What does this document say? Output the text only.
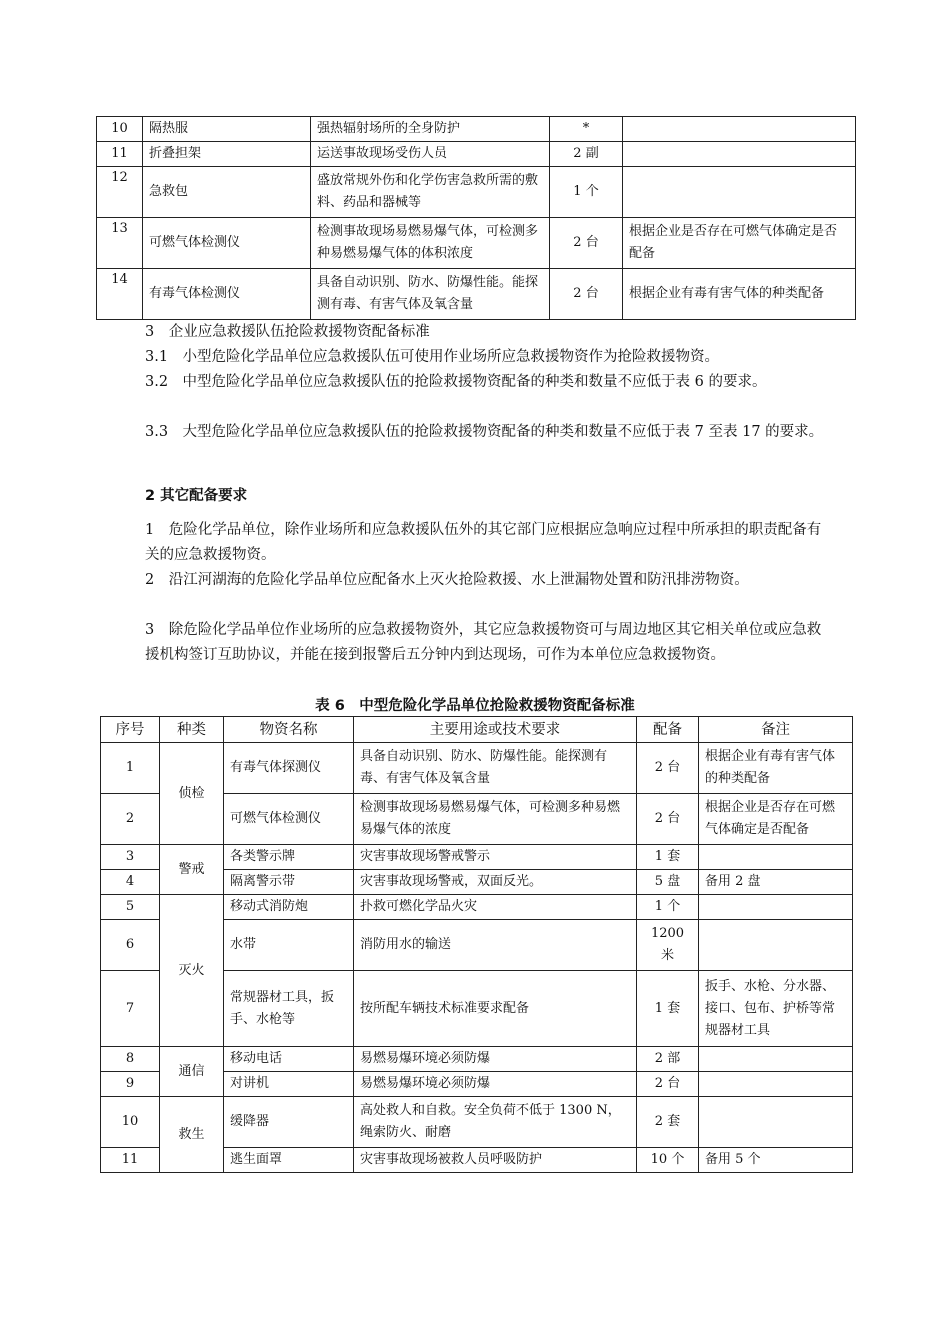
10	隔热服	强热辐射场所的全身防护	*	
11	折叠担架	运送事故现场受伤人员	2 副	
12	急救包	盛放常规外伤和化学伤害急救所需的敷料、药品和器械等	1 个	
13	可燃气体检测仪	检测事故现场易燃易爆气体，可检测多种易燃易爆气体的体积浓度	2 台	根据企业是否存在可燃气体确定是否配备
14	有毒气体检测仪	具备自动识别、防水、防爆性能。能探测有毒、有害气体及氧含量	2 台	根据企业有毒有害气体的种类配备
3　企业应急救援队伍抢险救援物资配备标准
3.1　小型危险化学品单位应急救援队伍可使用作业场所应急救援物资作为抢险救援物资。
3.2　中型危险化学品单位应急救援队伍的抢险救援物资配备的种类和数量不应低于表 6 的要求。
3.3　大型危险化学品单位应急救援队伍的抢险救援物资配备的种类和数量不应低于表 7 至表 17 的要求。
2 其它配备要求
1　危险化学品单位，除作业场所和应急救援队伍外的其它部门应根据应急响应过程中所承担的职责配备有关的应急救援物资。
2　沿江河湖海的危险化学品单位应配备水上灭火抢险救援、水上泄漏物处置和防汛排涝物资。
3　除危险化学品单位作业场所的应急救援物资外，其它应急救援物资可与周边地区其它相关单位或应急救援机构签订互助协议，并能在接到报警后五分钟内到达现场，可作为本单位应急救援物资。
表 6　中型危险化学品单位抢险救援物资配备标准
序号	种类	物资名称	主要用途或技术要求	配备	备注
1	侦检	有毒气体探测仪	具备自动识别、防水、防爆性能。能探测有毒、有害气体及氧含量	2 台	根据企业有毒有害气体的种类配备
2		可燃气体检测仪	检测事故现场易燃易爆气体，可检测多种易燃易爆气体的浓度	2 台	根据企业是否存在可燃气体确定是否配备
3	警戒	各类警示牌	灾害事故现场警戒警示	1 套	
4		隔离警示带	灾害事故现场警戒，双面反光。	5 盘	备用 2 盘
5	灭火	移动式消防炮	扑救可燃化学品火灾	1 个	
6		水带	消防用水的输送	1200 米	
7		常规器材工具，扳手、水枪等	按所配车辆技术标准要求配备	1 套	扳手、水枪、分水器、接口、包布、护桥等常规器材工具
8	通信	移动电话	易燃易爆环境必须防爆	2 部	
9		对讲机	易燃易爆环境必须防爆	2 台	
10	救生	缓降器	高处救人和自救。安全负荷不低于 1300 N，绳索防火、耐磨	2 套	
11		逃生面罩	灾害事故现场被救人员呼吸防护	10 个	备用 5 个
